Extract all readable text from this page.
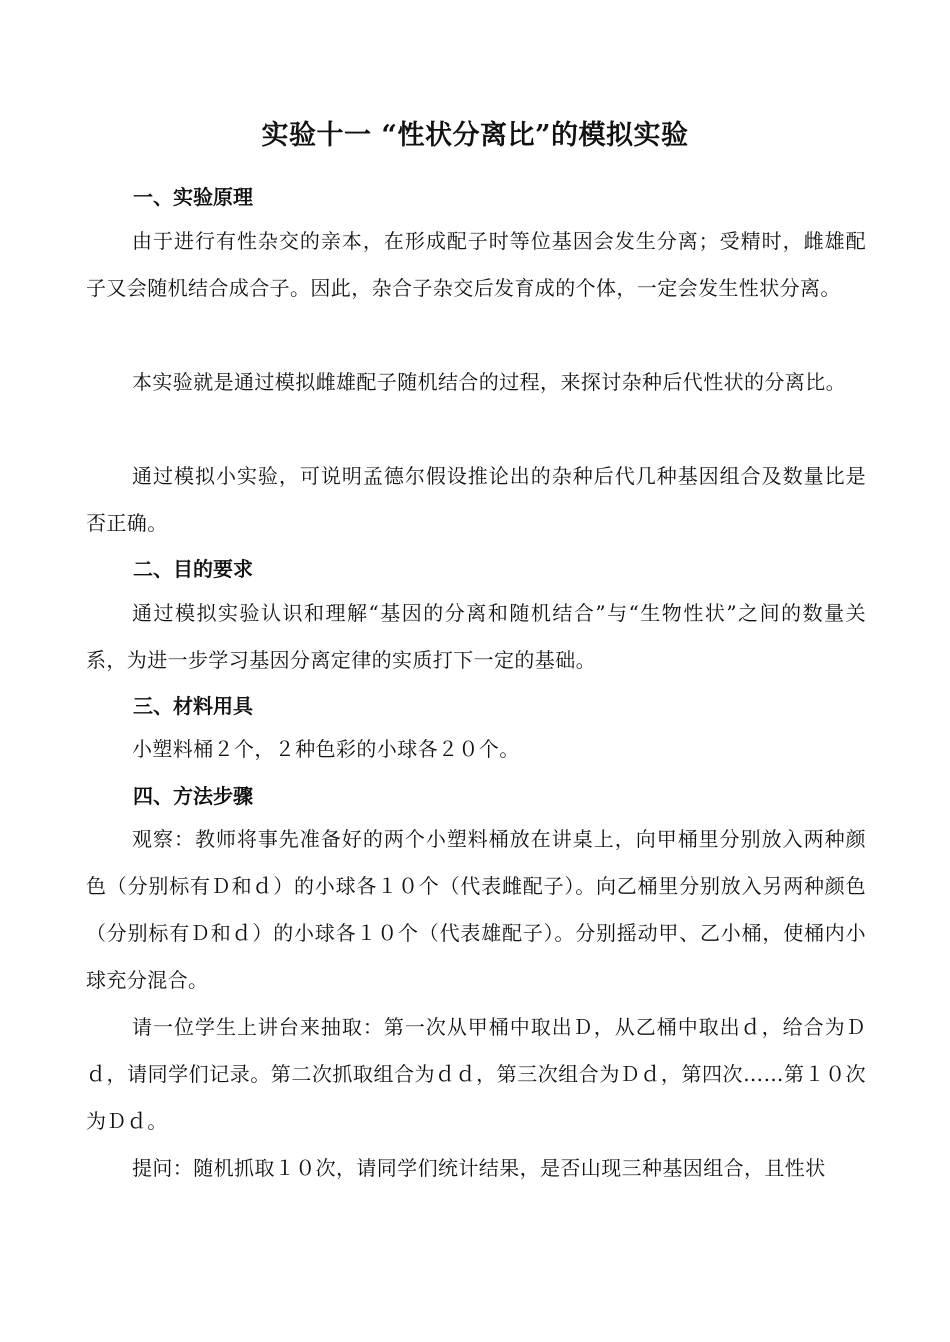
实验十一 “性状分离比”的模拟实验
一、实验原理

由于进行有性杂交的亲本，在形成配子时等位基因会发生分离；受精时，雌雄配子又会随机结合成合子。因此，杂合子杂交后发育成的个体，一定会发生性状分离。

本实验就是通过模拟雌雄配子随机结合的过程，来探讨杂种后代性状的分离比。

通过模拟小实验，可说明孟德尔假设推论出的杂种后代几种基因组合及数量比是否正确。

二、目的要求

通过模拟实验认识和理解“基因的分离和随机结合”与“生物性状”之间的数量关系，为进一步学习基因分离定律的实质打下一定的基础。

三、材料用具

小塑料桶２个，２种色彩的小球各２０个。

四、方法步骤

观察：教师将事先准备好的两个小塑料桶放在讲桌上，向甲桶里分别放入两种颜色（分别标有Ｄ和ｄ）的小球各１０个（代表雌配子）。向乙桶里分别放入另两种颜色（分别标有Ｄ和ｄ）的小球各１０个（代表雄配子）。分别摇动甲、乙小桶，使桶内小球充分混合。

请一位学生上讲台来抽取：第一次从甲桶中取出Ｄ，从乙桶中取出ｄ，给合为Ｄｄ，请同学们记录。第二次抓取组合为ｄｄ，第三次组合为Ｄｄ，第四次……第１０次为Ｄｄ。

提问：随机抓取１０次，请同学们统计结果，是否山现三种基因组合，且性状
